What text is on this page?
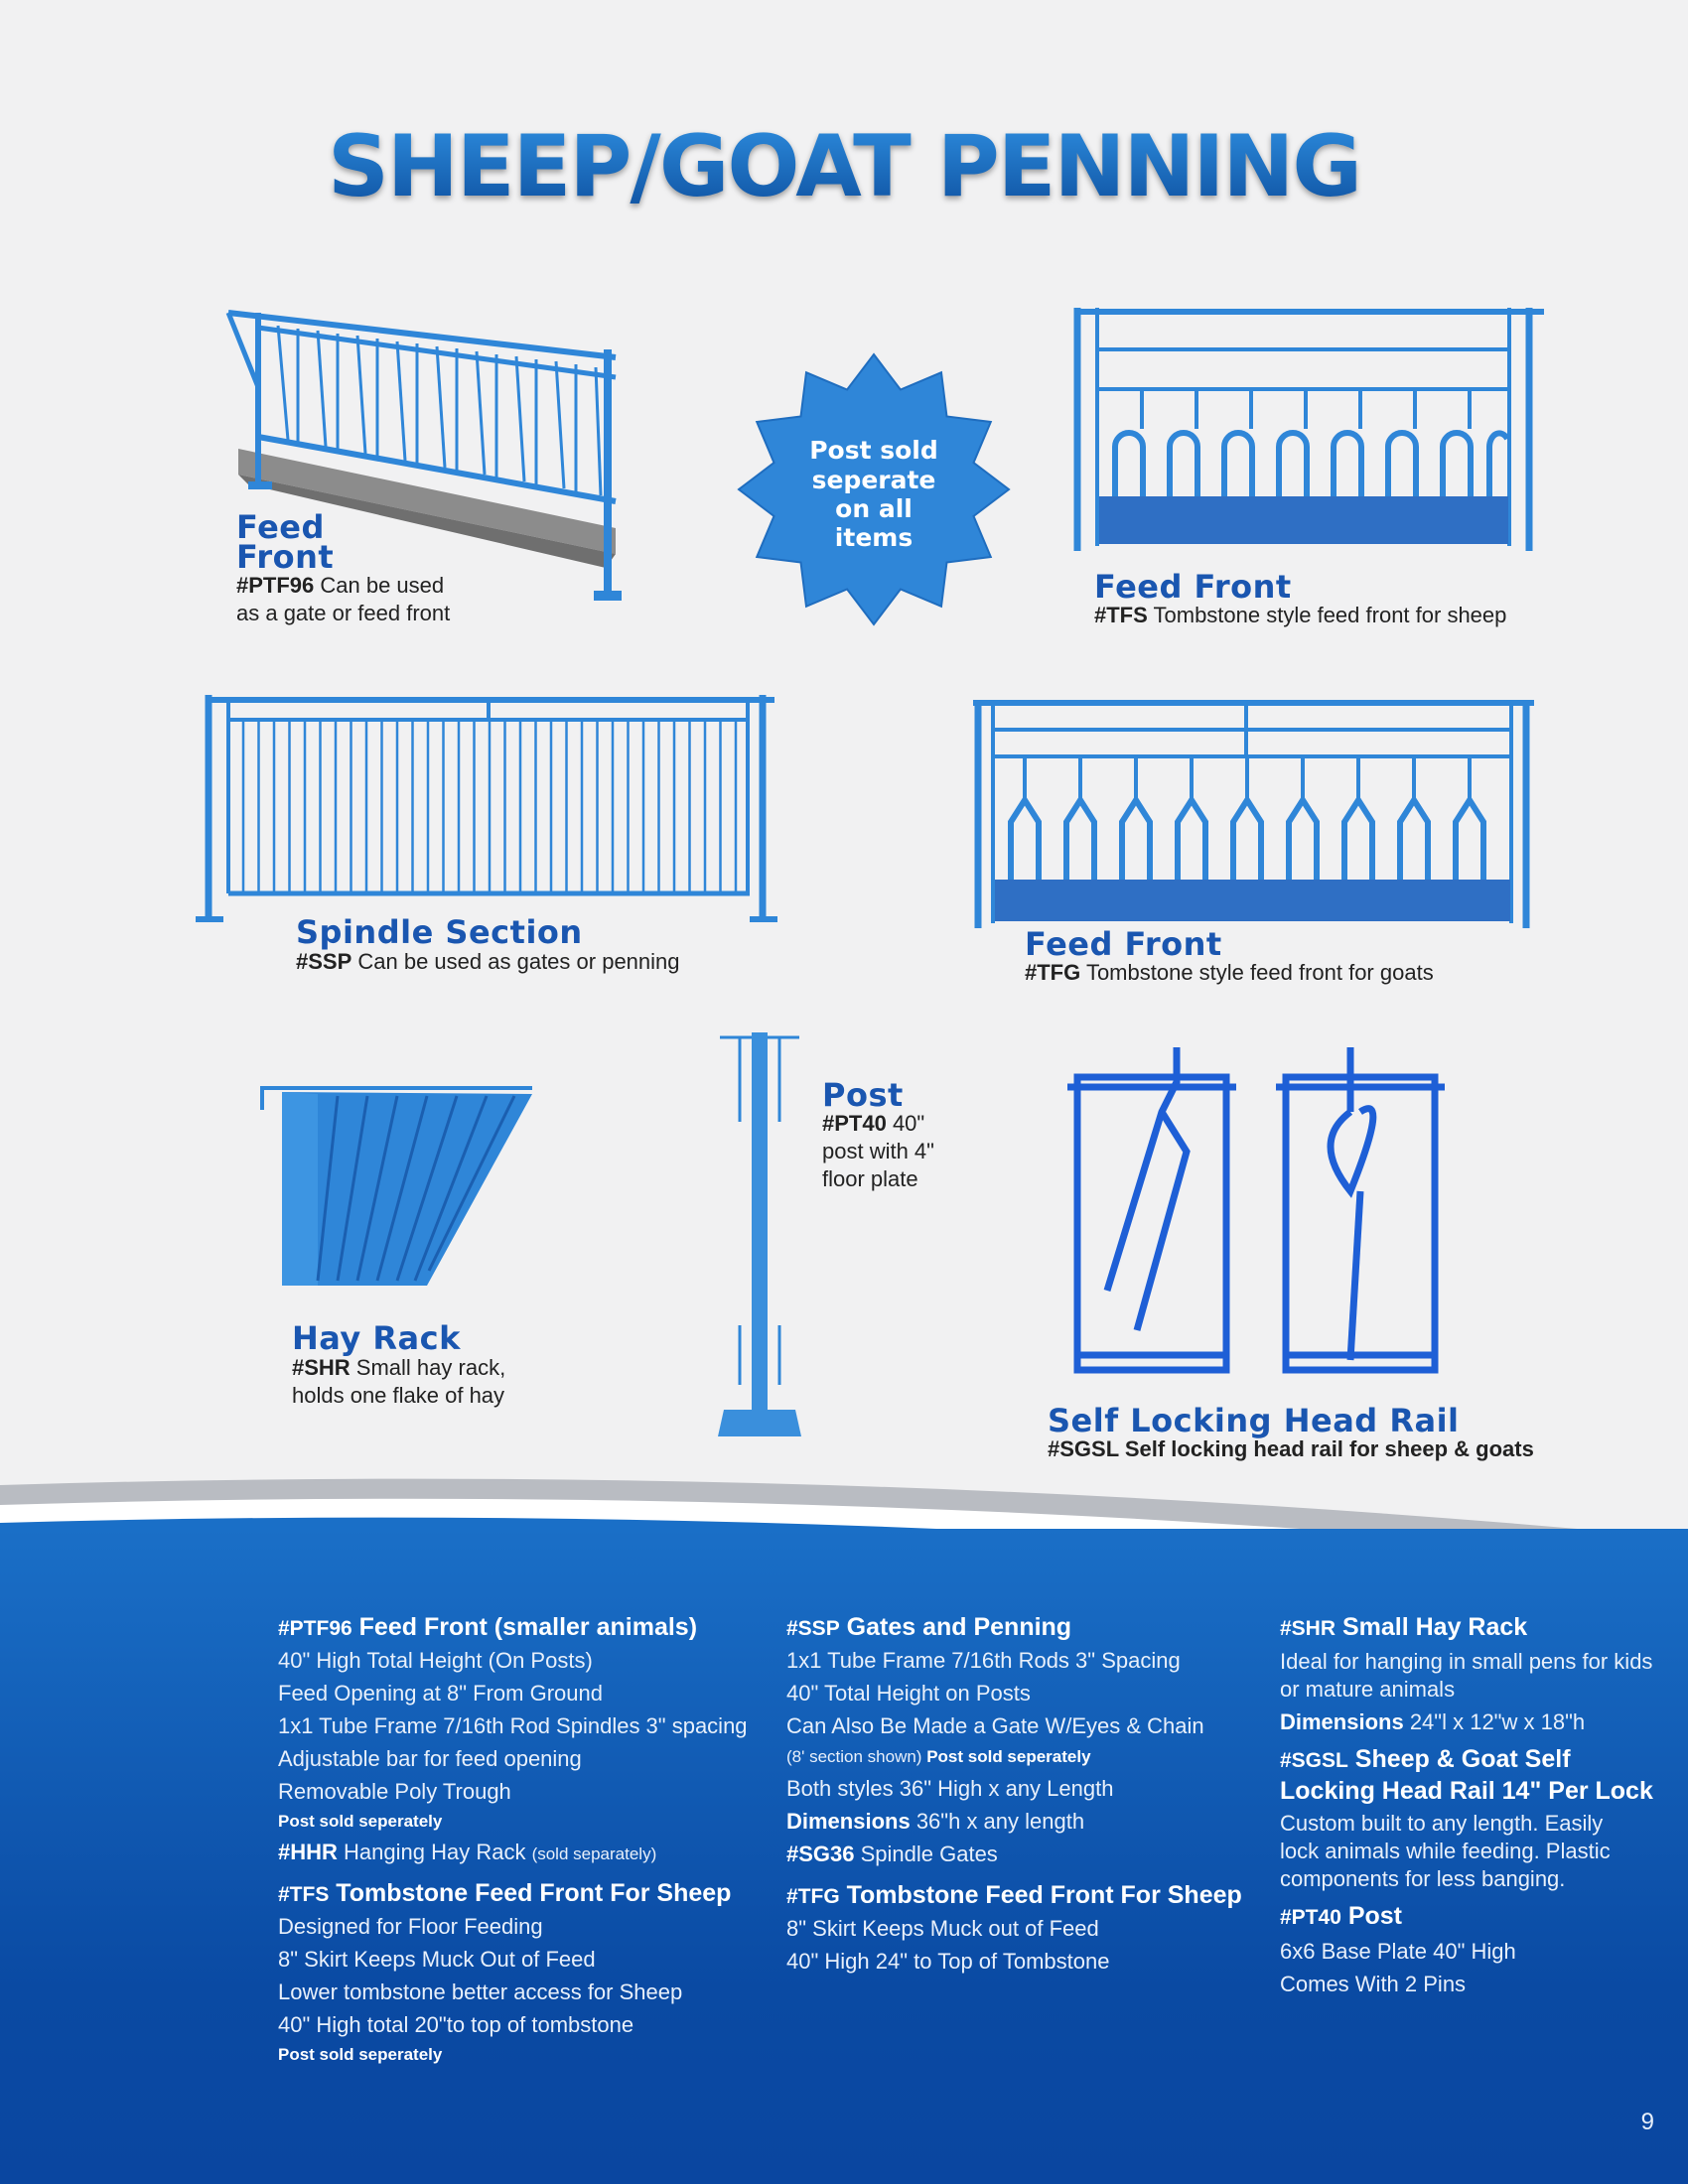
SHEEP/GOAT PENNING
Feed
Front
#PTF96 Can be used
as a gate or feed front
Post sold
seperate
on all
items
Feed Front
#TFS Tombstone style feed front for sheep
Spindle Section
#SSP Can be used as gates or penning	Feed Front
#TFG Tombstone style feed front for goats
Hay Rack
#SHR Small hay rack,
holds one flake of hay
Post
#PT40 40"
post with 4"
floor plate
Self Locking Head Rail
#SGSL Self locking head rail for sheep & goats
#PTF96 Feed Front (smaller animals)
40" High Total Height (On Posts)
Feed Opening at 8" From Ground
1x1 Tube Frame 7/16th Rod Spindles 3" spacing
Adjustable bar for feed opening
Removable Poly Trough
Post sold seperately
#HHR Hanging Hay Rack (sold separately)
#TFS Tombstone Feed Front For Sheep
Designed for Floor Feeding
8" Skirt Keeps Muck Out of Feed
Lower tombstone better access for Sheep
40" High total 20"to top of tombstone
Post sold seperately
#SSP Gates and Penning
1x1 Tube Frame 7/16th Rods 3" Spacing
40" Total Height on Posts
Can Also Be Made a Gate W/Eyes & Chain
(8' section shown) Post sold seperately
Both styles 36" High x any Length
Dimensions 36"h x any length
#SG36 Spindle Gates
#TFG Tombstone Feed Front For Sheep
8" Skirt Keeps Muck out of Feed
40" High 24" to Top of Tombstone
#SHR Small Hay Rack
Ideal for hanging in small pens for kids
or mature animals
Dimensions 24"l x 12"w x 18"h
#SGSL Sheep & Goat Self
Locking Head Rail 14" Per Lock
Custom built to any length. Easily
lock animals while feeding. Plastic
components for less banging.
#PT40 Post
6x6 Base Plate 40" High
Comes With 2 Pins
9
